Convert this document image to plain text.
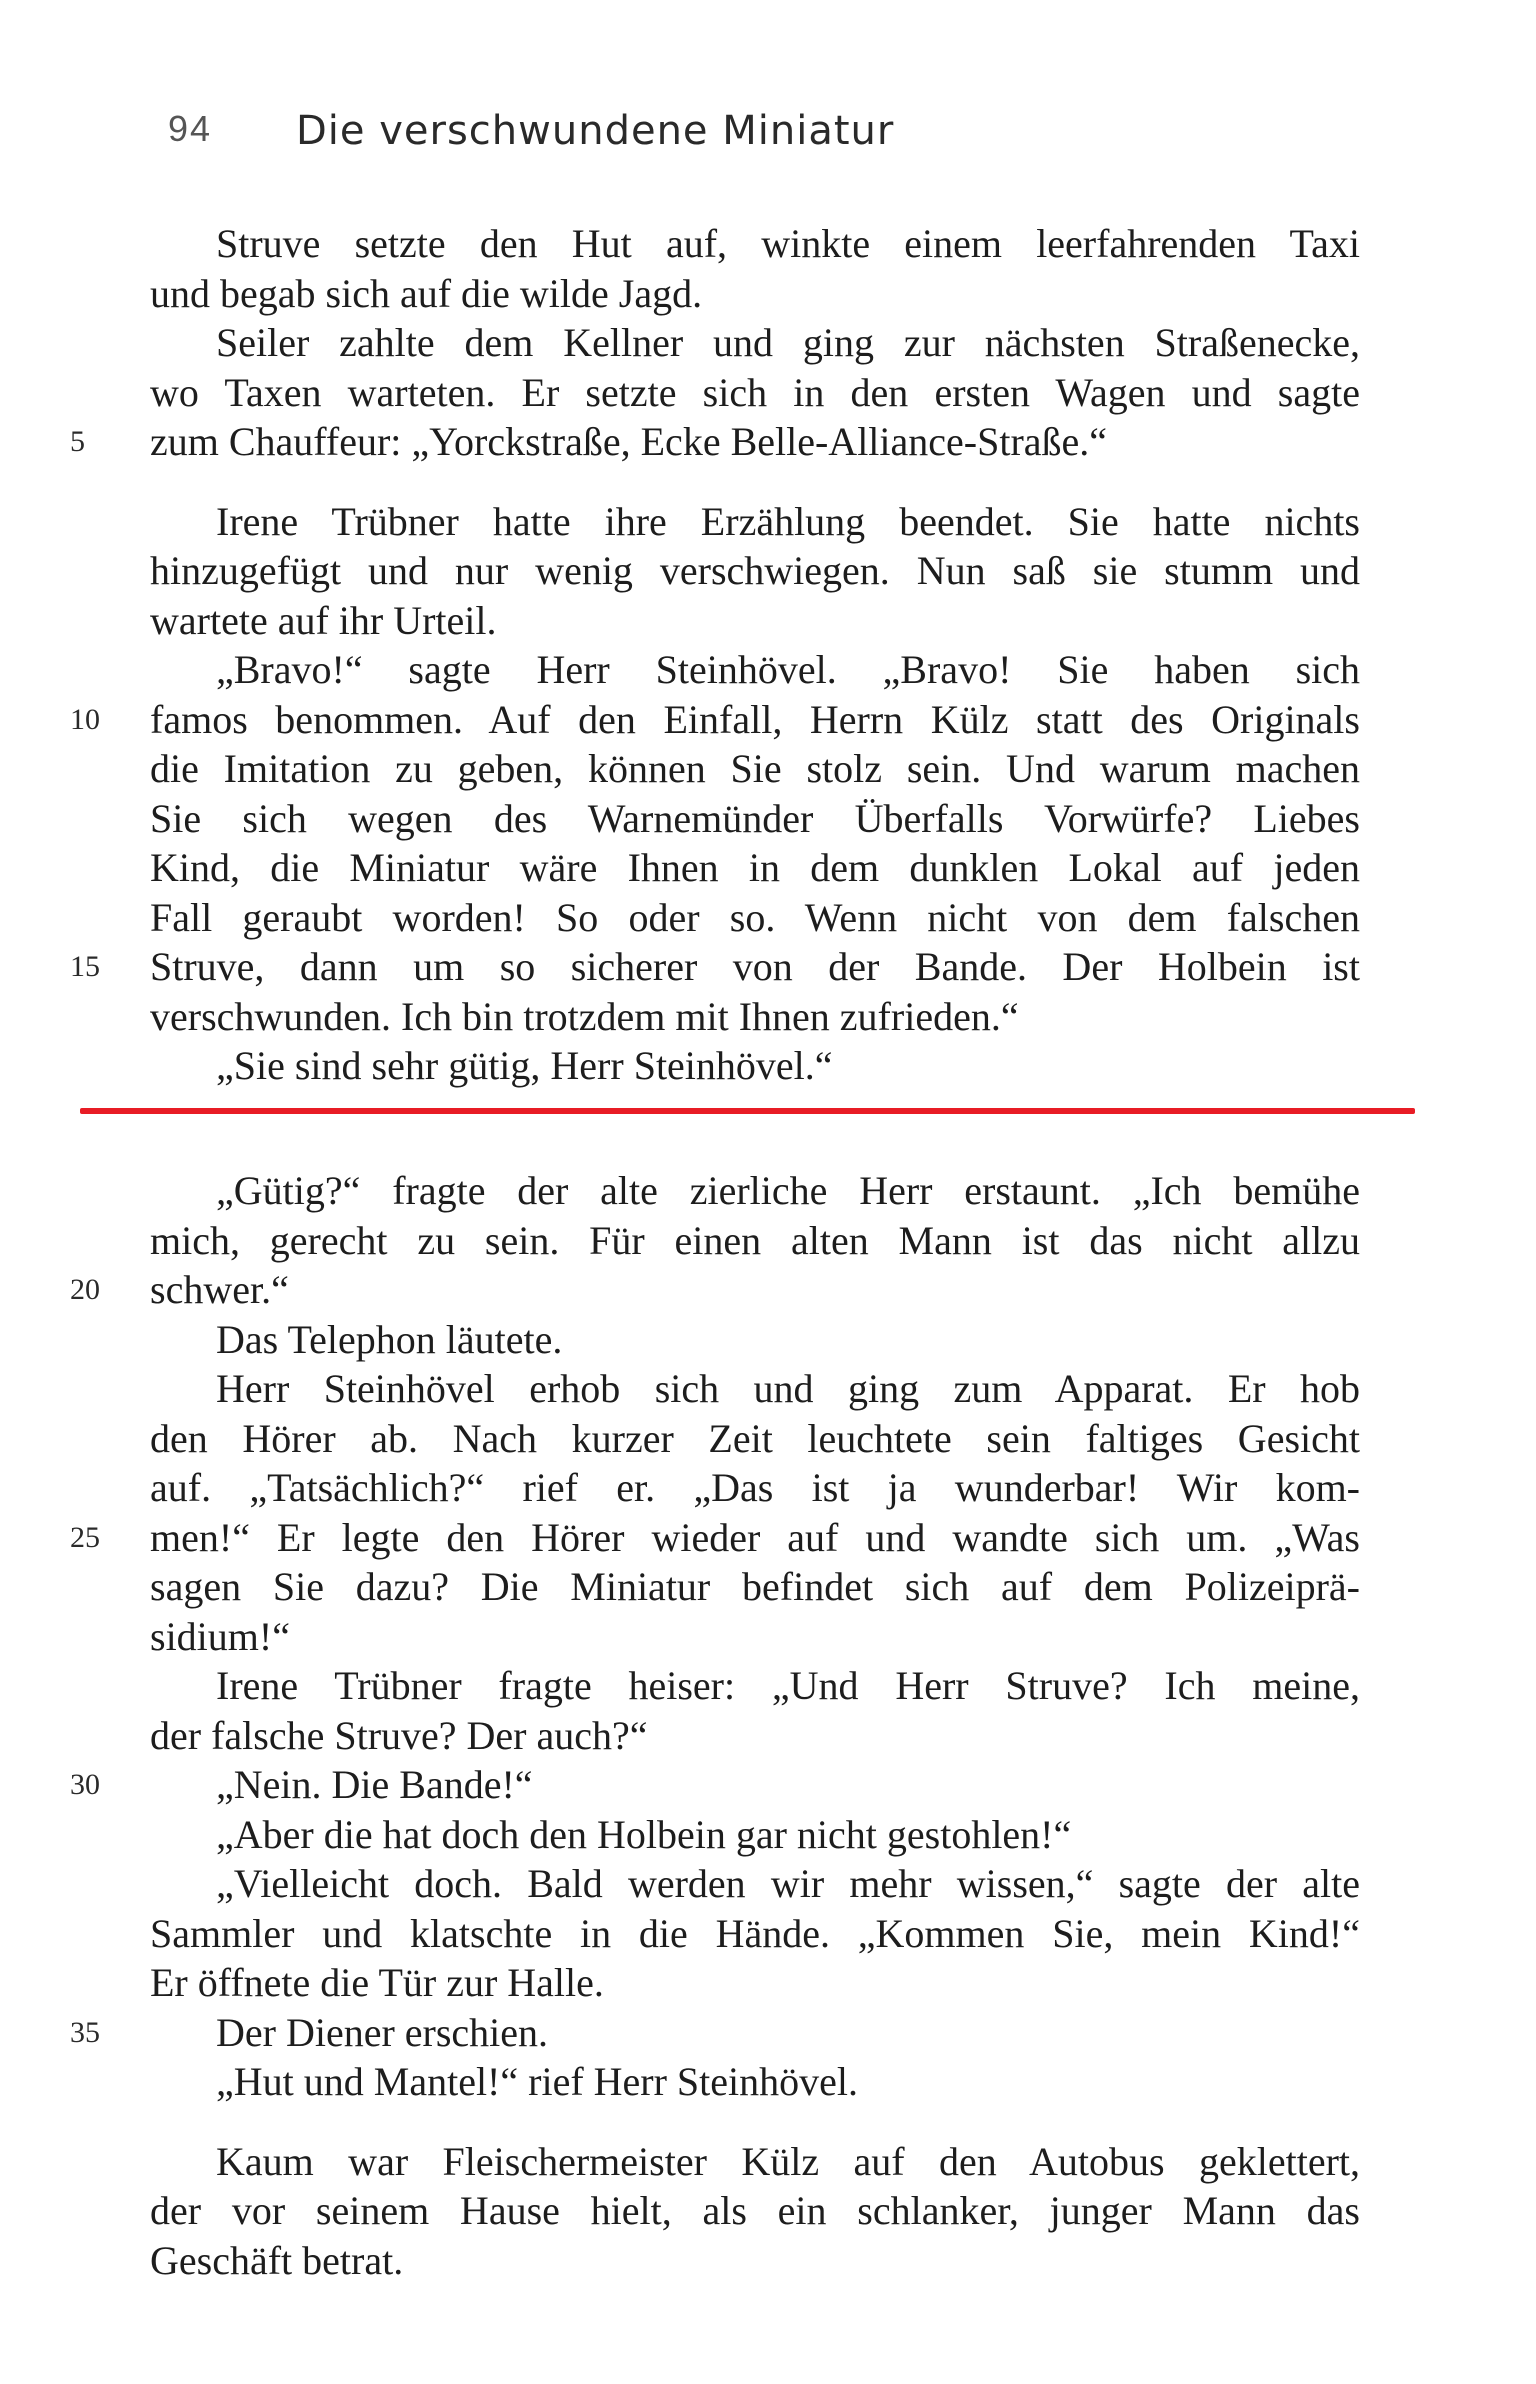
94 Die verschwundene Miniatur
Struve setzte den Hut auf, winkte einem leerfahrenden Taxi
und begab sich auf die wilde Jagd.
Seiler zahlte dem Kellner und ging zur nächsten Straßenecke,
wo Taxen warteten. Er setzte sich in den ersten Wagen und sagte
5	zum Chauffeur: „Yorckstraße, Ecke Belle-Alliance-Straße.“
Irene Trübner hatte ihre Erzählung beendet. Sie hatte nichts
hinzugefügt und nur wenig verschwiegen. Nun saß sie stumm und
wartete auf ihr Urteil.
„Bravo!“ sagte Herr Steinhövel. „Bravo! Sie haben sich
10	famos benommen. Auf den Einfall, Herrn Külz statt des Originals
die Imitation zu geben, können Sie stolz sein. Und warum machen
Sie sich wegen des Warnemünder Überfalls Vorwürfe? Liebes
Kind, die Miniatur wäre Ihnen in dem dunklen Lokal auf jeden
Fall geraubt worden! So oder so. Wenn nicht von dem falschen
15	Struve, dann um so sicherer von der Bande. Der Holbein ist
verschwunden. Ich bin trotzdem mit Ihnen zufrieden.“
„Sie sind sehr gütig, Herr Steinhövel.“
„Gütig?“ fragte der alte zierliche Herr erstaunt. „Ich bemühe
mich, gerecht zu sein. Für einen alten Mann ist das nicht allzu
20	schwer.“
Das Telephon läutete.
Herr Steinhövel erhob sich und ging zum Apparat. Er hob
den Hörer ab. Nach kurzer Zeit leuchtete sein faltiges Gesicht
auf. „Tatsächlich?“ rief er. „Das ist ja wunderbar! Wir kom-
25	men!“ Er legte den Hörer wieder auf und wandte sich um. „Was
sagen Sie dazu? Die Miniatur befindet sich auf dem Polizeiprä-
sidium!“
Irene Trübner fragte heiser: „Und Herr Struve? Ich meine,
der falsche Struve? Der auch?“
30	„Nein. Die Bande!“
„Aber die hat doch den Holbein gar nicht gestohlen!“
„Vielleicht doch. Bald werden wir mehr wissen,“ sagte der alte
Sammler und klatschte in die Hände. „Kommen Sie, mein Kind!“
Er öffnete die Tür zur Halle.
35	Der Diener erschien.
„Hut und Mantel!“ rief Herr Steinhövel.
Kaum war Fleischermeister Külz auf den Autobus geklettert,
der vor seinem Hause hielt, als ein schlanker, junger Mann das
Geschäft betrat.
